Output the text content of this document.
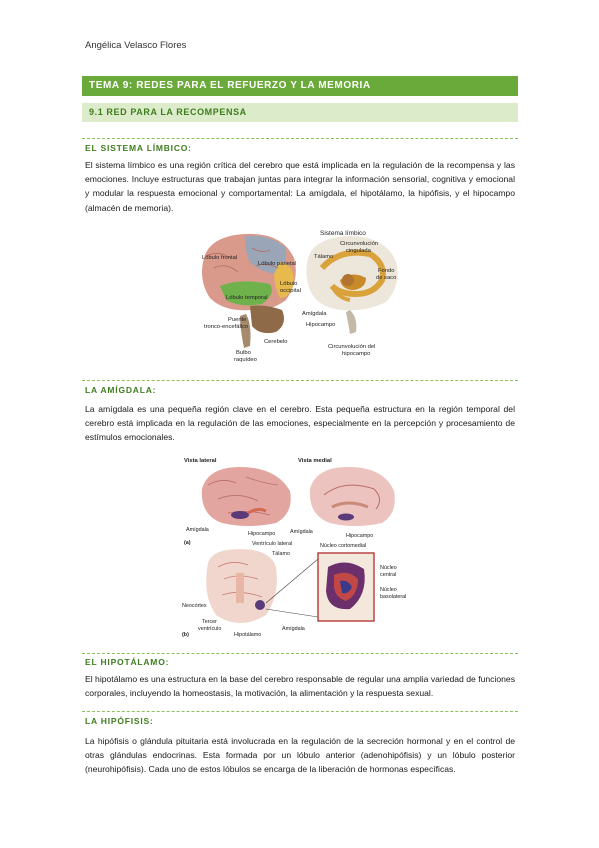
Angélica Velasco Flores
TEMA 9: REDES PARA EL REFUERZO Y LA MEMORIA
9.1 RED PARA LA RECOMPENSA
EL SISTEMA LÍMBICO:
El sistema límbico es una región crítica del cerebro que está implicada en la regulación de la recompensa y las emociones. Incluye estructuras que trabajan juntas para integrar la información sensorial, cognitiva y emocional y modular la respuesta emocional y comportamental: La amígdala, el hipotálamo, la hipófisis, y el hipocampo (almacén de memoria).
Lóbulo frontal
Lóbulo parietal
Lóbulo
occipital
Lóbulo temporal
Puente
tronco-encefálico
Cerebelo
Bulbo
raquídeo
Sistema límbico
Circunvolución
cingulada
Tálamo
Fondo
de saco
Amígdala
Hipocampo
Circunvolución del
hipocampo
LA AMÍGDALA:
La amígdala es una pequeña región clave en el cerebro. Esta pequeña estructura en la región temporal del cerebro está implicada en la regulación de las emociones, especialmente en la percepción y procesamiento de estímulos emocionales.
Vista lateral	Vista medial
Amígdala
Hipocampo	Amígdala
Hipocampo
(a)	Ventrículo lateral
Tálamo
Núcleo cortomedial
Núcleo
central
Núcleo
basolateral
Neocórtex
Tercer
ventrículo
(b)	Hipotálamo
Amígdala
EL HIPOTÁLAMO:
El hipotálamo es una estructura en la base del cerebro responsable de regular una amplia variedad de funciones corporales, incluyendo la homeostasis, la motivación, la alimentación y la respuesta sexual.
LA HIPÓFISIS:
La hipófisis o glándula pituitaria está involucrada en la regulación de la secreción hormonal y en el control de otras glándulas endocrinas. Esta formada por un lóbulo anterior (adenohipófisis) y un lóbulo posterior (neurohipófisis). Cada uno de estos lóbulos se encarga de la liberación de hormonas específicas.
